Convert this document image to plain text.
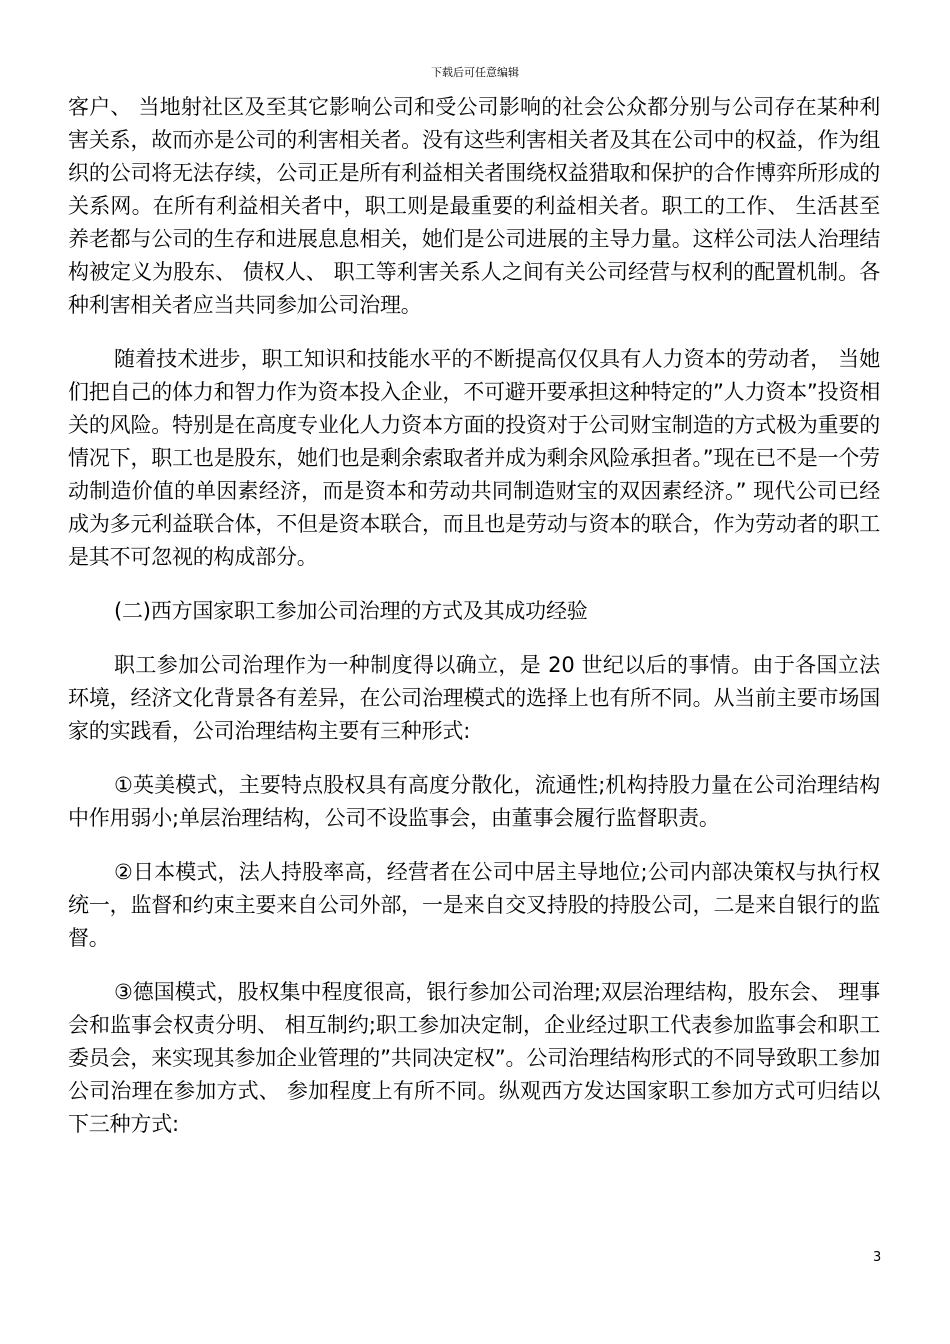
下载后可任意编辑

客户、 当地射社区及至其它影响公司和受公司影响的社会公众都分别与公司存在某种利害关系，故而亦是公司的利害相关者。没有这些利害相关者及其在公司中的权益，作为组织的公司将无法存续，公司正是所有利益相关者围绕权益猎取和保护的合作博弈所形成的关系网。在所有利益相关者中，职工则是最重要的利益相关者。职工的工作、 生活甚至养老都与公司的生存和进展息息相关，她们是公司进展的主导力量。这样公司法人治理结构被定义为股东、 债权人、 职工等利害关系人之间有关公司经营与权利的配置机制。各种利害相关者应当共同参加公司治理。

随着技术进步，职工知识和技能水平的不断提高仅仅具有人力资本的劳动者， 当她们把自己的体力和智力作为资本投入企业，不可避开要承担这种特定的”人力资本”投资相关的风险。特别是在高度专业化人力资本方面的投资对于公司财宝制造的方式极为重要的情况下，职工也是股东，她们也是剩余索取者并成为剩余风险承担者。”现在已不是一个劳动制造价值的单因素经济，而是资本和劳动共同制造财宝的双因素经济。” 现代公司已经成为多元利益联合体，不但是资本联合，而且也是劳动与资本的联合，作为劳动者的职工是其不可忽视的构成部分。

(二)西方国家职工参加公司治理的方式及其成功经验

职工参加公司治理作为一种制度得以确立，是 20 世纪以后的事情。由于各国立法环境，经济文化背景各有差异，在公司治理模式的选择上也有所不同。从当前主要市场国家的实践看，公司治理结构主要有三种形式:

①英美模式，主要特点股权具有高度分散化，流通性;机构持股力量在公司治理结构中作用弱小;单层治理结构，公司不设监事会，由董事会履行监督职责。

②日本模式，法人持股率高，经营者在公司中居主导地位;公司内部决策权与执行权统一，监督和约束主要来自公司外部，一是来自交叉持股的持股公司，二是来自银行的监督。

③德国模式，股权集中程度很高，银行参加公司治理;双层治理结构，股东会、 理事会和监事会权责分明、 相互制约;职工参加决定制，企业经过职工代表参加监事会和职工委员会，来实现其参加企业管理的”共同决定权”。公司治理结构形式的不同导致职工参加公司治理在参加方式、 参加程度上有所不同。纵观西方发达国家职工参加方式可归结以下三种方式:

3
